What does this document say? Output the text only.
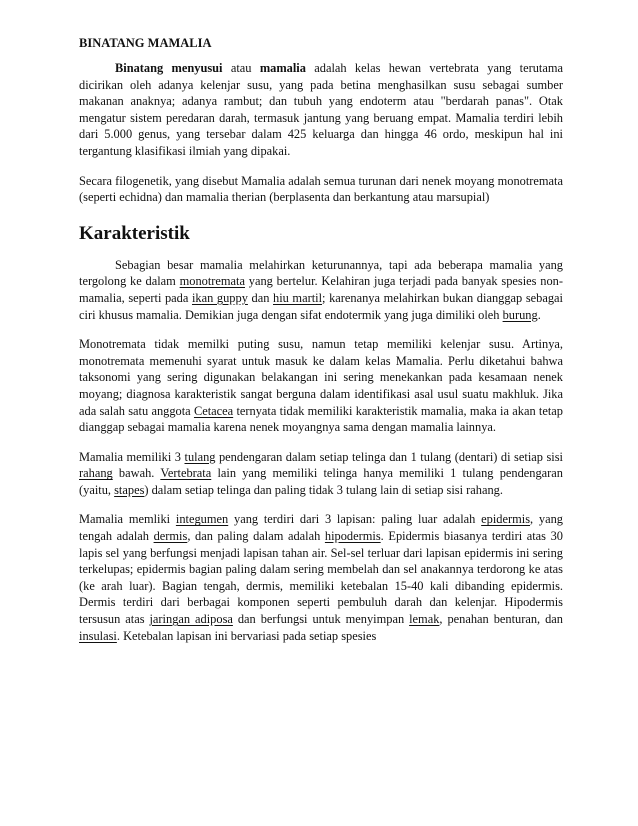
BINATANG MAMALIA

Binatang menyusui atau mamalia adalah kelas hewan vertebrata yang terutama dicirikan oleh adanya kelenjar susu, yang pada betina menghasilkan susu sebagai sumber makanan anaknya; adanya rambut; dan tubuh yang endoterm atau "berdarah panas". Otak mengatur sistem peredaran darah, termasuk jantung yang beruang empat. Mamalia terdiri lebih dari 5.000 genus, yang tersebar dalam 425 keluarga dan hingga 46 ordo, meskipun hal ini tergantung klasifikasi ilmiah yang dipakai.

Secara filogenetik, yang disebut Mamalia adalah semua turunan dari nenek moyang monotremata (seperti echidna) dan mamalia therian (berplasenta dan berkantung atau marsupial)

Karakteristik

Sebagian besar mamalia melahirkan keturunannya, tapi ada beberapa mamalia yang tergolong ke dalam monotremata yang bertelur. Kelahiran juga terjadi pada banyak spesies non-mamalia, seperti pada ikan guppy dan hiu martil; karenanya melahirkan bukan dianggap sebagai ciri khusus mamalia. Demikian juga dengan sifat endotermik yang juga dimiliki oleh burung.

Monotremata tidak memilki puting susu, namun tetap memiliki kelenjar susu. Artinya, monotremata memenuhi syarat untuk masuk ke dalam kelas Mamalia. Perlu diketahui bahwa taksonomi yang sering digunakan belakangan ini sering menekankan pada kesamaan nenek moyang; diagnosa karakteristik sangat berguna dalam identifikasi asal usul suatu makhluk. Jika ada salah satu anggota Cetacea ternyata tidak memiliki karakteristik mamalia, maka ia akan tetap dianggap sebagai mamalia karena nenek moyangnya sama dengan mamalia lainnya.

Mamalia memiliki 3 tulang pendengaran dalam setiap telinga dan 1 tulang (dentari) di setiap sisi rahang bawah. Vertebrata lain yang memiliki telinga hanya memiliki 1 tulang pendengaran (yaitu, stapes) dalam setiap telinga dan paling tidak 3 tulang lain di setiap sisi rahang.

Mamalia memliki integumen yang terdiri dari 3 lapisan: paling luar adalah epidermis, yang tengah adalah dermis, dan paling dalam adalah hipodermis. Epidermis biasanya terdiri atas 30 lapis sel yang berfungsi menjadi lapisan tahan air. Sel-sel terluar dari lapisan epidermis ini sering terkelupas; epidermis bagian paling dalam sering membelah dan sel anakannya terdorong ke atas (ke arah luar). Bagian tengah, dermis, memiliki ketebalan 15-40 kali dibanding epidermis. Dermis terdiri dari berbagai komponen seperti pembuluh darah dan kelenjar. Hipodermis tersusun atas jaringan adiposa dan berfungsi untuk menyimpan lemak, penahan benturan, dan insulasi. Ketebalan lapisan ini bervariasi pada setiap spesies
